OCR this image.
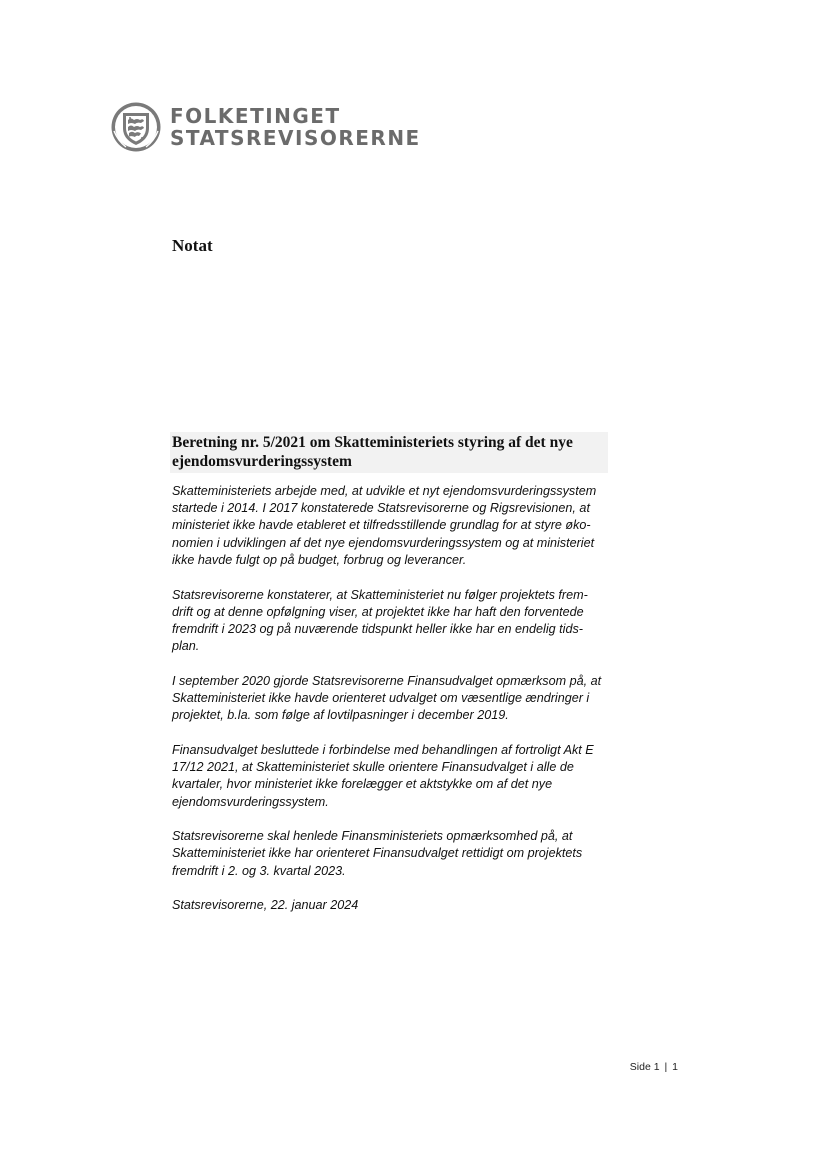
FOLKETINGET
STATSREVISORERNE
Notat
Beretning nr. 5/2021 om Skatteministeriets styring af det nye ejendomsvurderingssystem

Skatteministeriets arbejde med, at udvikle et nyt ejendomsvurderingssystem startede i 2014. I 2017 konstaterede Statsrevisorerne og Rigsrevisionen, at ministeriet ikke havde etableret et tilfredsstillende grundlag for at styre øko-nomien i udviklingen af det nye ejendomsvurderingssystem og at ministeriet ikke havde fulgt op på budget, forbrug og leverancer.

Statsrevisorerne konstaterer, at Skatteministeriet nu følger projektets frem-drift og at denne opfølgning viser, at projektet ikke har haft den forventede fremdrift i 2023 og på nuværende tidspunkt heller ikke har en endelig tids-plan.

I september 2020 gjorde Statsrevisorerne Finansudvalget opmærksom på, at Skatteministeriet ikke havde orienteret udvalget om væsentlige ændringer i projektet, b.la. som følge af lovtilpasninger i december 2019.

Finansudvalget besluttede i forbindelse med behandlingen af fortroligt Akt E 17/12 2021, at Skatteministeriet skulle orientere Finansudvalget i alle de kvartaler, hvor ministeriet ikke forelægger et aktstykke om af det nye ejendomsvurderingssystem.

Statsrevisorerne skal henlede Finansministeriets opmærksomhed på, at Skatteministeriet ikke har orienteret Finansudvalget rettidigt om projektets fremdrift i 2. og 3. kvartal 2023.

Statsrevisorerne, 22. januar 2024

Side 1 | 1
